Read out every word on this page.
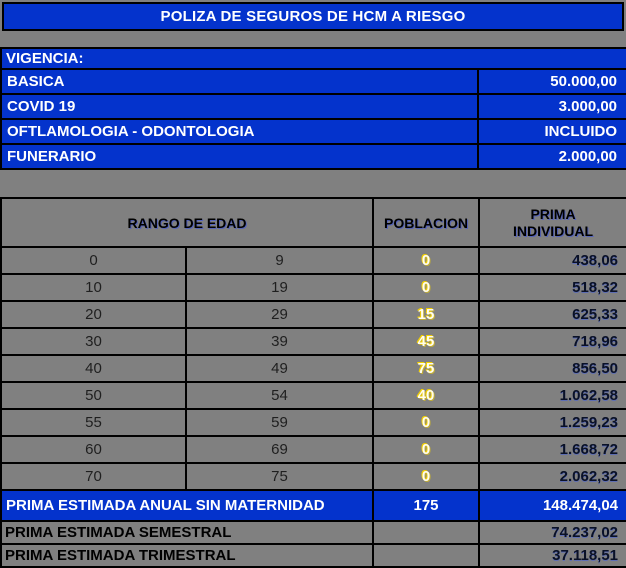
POLIZA DE SEGUROS DE HCM A RIESGO
VIGENCIA:	
BASICA	50.000,00
COVID 19	3.000,00
OFTLAMOLOGIA - ODONTOLOGIA	INCLUIDO
FUNERARIO	2.000,00
RANGO DE EDAD		POBLACION	PRIMA INDIVIDUAL
0	9	0	438,06
10	19	0	518,32
20	29	15	625,33
30	39	45	718,96
40	49	75	856,50
50	54	40	1.062,58
55	59	0	1.259,23
60	69	0	1.668,72
70	75	0	2.062,32
PRIMA ESTIMADA ANUAL SIN MATERNIDAD		175	148.474,04
PRIMA ESTIMADA SEMESTRAL			74.237,02
PRIMA ESTIMADA TRIMESTRAL			37.118,51
